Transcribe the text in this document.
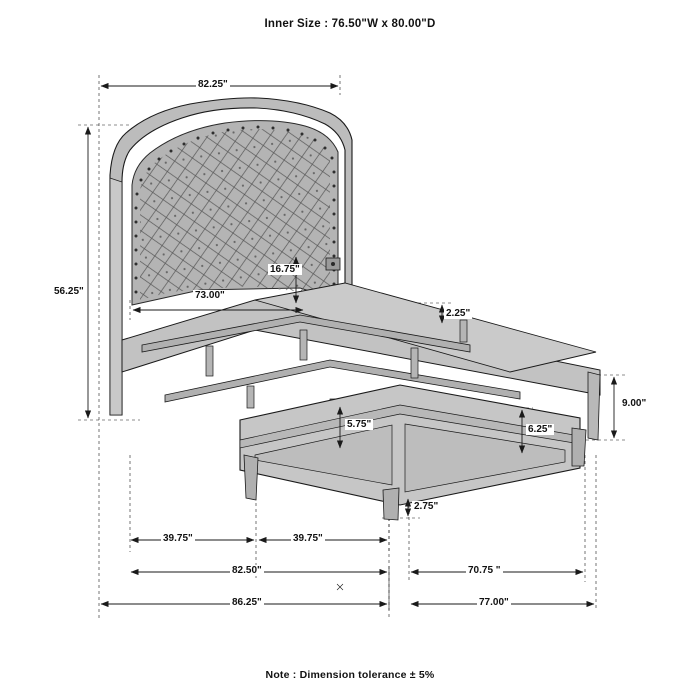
Inner Size : 76.50"W x 80.00"D
82.25"
56.25"	73.00"
16.75"
2.25"
5.75"	6.25"
9.00"
2.75"
39.75"	39.75"
82.50"	70.75 "
86.25"	77.00"
Note : Dimension tolerance ± 5%
